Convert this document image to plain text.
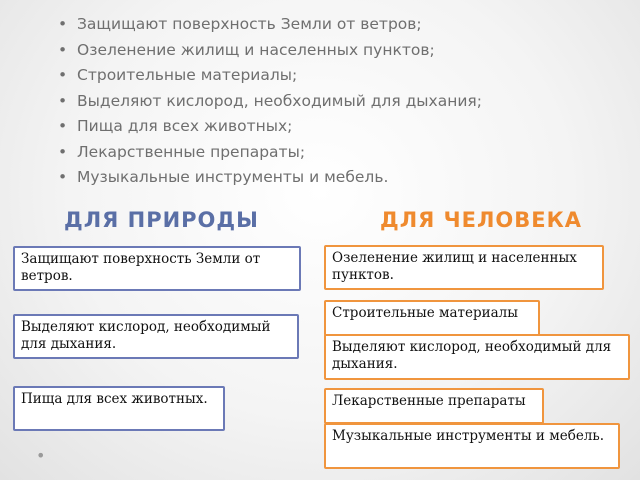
• Защищают поверхность Земли от ветров;
• Озеленение жилищ и населенных пунктов;
• Строительные материалы;
• Выделяют кислород, необходимый для дыхания;
• Пища для всех животных;
• Лекарственные препараты;
• Музыкальные инструменты и мебель.
ДЛЯ ПРИРОДЫ	ДЛЯ ЧЕЛОВЕКА
Защищают поверхность Земли от ветров.
Выделяют кислород, необходимый для дыхания.
Пища для всех животных.
Озеленение жилищ и населенных пунктов.
Строительные материалы
Выделяют кислород, необходимый для дыхания.
Лекарственные препараты
Музыкальные инструменты и мебель.
•
